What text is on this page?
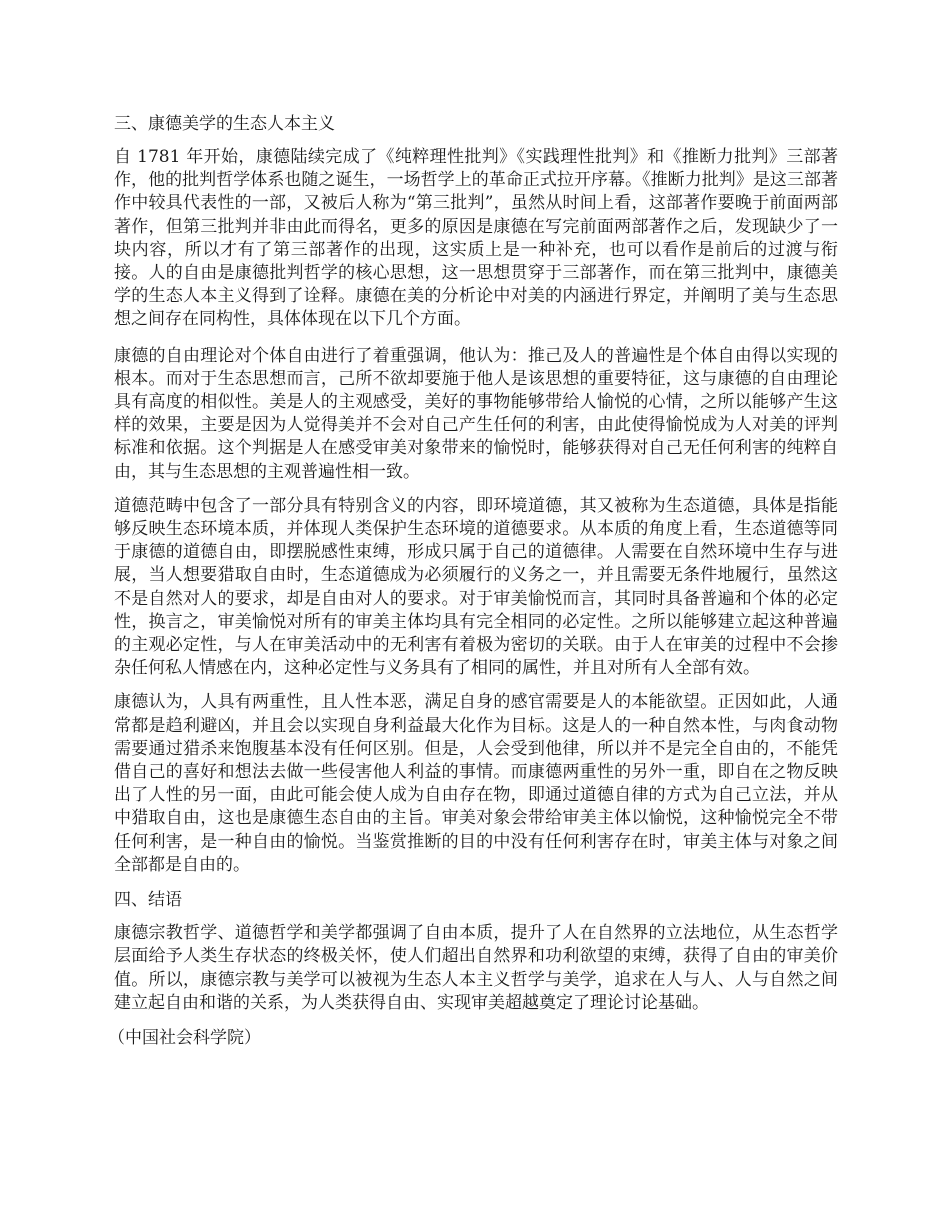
三、康德美学的生态人本主义

自 1781 年开始，康德陆续完成了《纯粹理性批判》《实践理性批判》和《推断力批判》三部著作，他的批判哲学体系也随之诞生，一场哲学上的革命正式拉开序幕。《推断力批判》是这三部著作中较具代表性的一部，又被后人称为“第三批判”，虽然从时间上看，这部著作要晚于前面两部著作，但第三批判并非由此而得名，更多的原因是康德在写完前面两部著作之后，发现缺少了一块内容，所以才有了第三部著作的出现，这实质上是一种补充，也可以看作是前后的过渡与衔接。人的自由是康德批判哲学的核心思想，这一思想贯穿于三部著作，而在第三批判中，康德美学的生态人本主义得到了诠释。康德在美的分析论中对美的内涵进行界定，并阐明了美与生态思想之间存在同构性，具体体现在以下几个方面。

康德的自由理论对个体自由进行了着重强调，他认为：推己及人的普遍性是个体自由得以实现的根本。而对于生态思想而言，己所不欲却要施于他人是该思想的重要特征，这与康德的自由理论具有高度的相似性。美是人的主观感受，美好的事物能够带给人愉悦的心情，之所以能够产生这样的效果，主要是因为人觉得美并不会对自己产生任何的利害，由此使得愉悦成为人对美的评判标准和依据。这个判据是人在感受审美对象带来的愉悦时，能够获得对自己无任何利害的纯粹自由，其与生态思想的主观普遍性相一致。

道德范畴中包含了一部分具有特别含义的内容，即环境道德，其又被称为生态道德，具体是指能够反映生态环境本质，并体现人类保护生态环境的道德要求。从本质的角度上看，生态道德等同于康德的道德自由，即摆脱感性束缚，形成只属于自己的道德律。人需要在自然环境中生存与进展，当人想要猎取自由时，生态道德成为必须履行的义务之一，并且需要无条件地履行，虽然这不是自然对人的要求，却是自由对人的要求。对于审美愉悦而言，其同时具备普遍和个体的必定性，换言之，审美愉悦对所有的审美主体均具有完全相同的必定性。之所以能够建立起这种普遍的主观必定性，与人在审美活动中的无利害有着极为密切的关联。由于人在审美的过程中不会掺杂任何私人情感在内，这种必定性与义务具有了相同的属性，并且对所有人全部有效。

康德认为，人具有两重性，且人性本恶，满足自身的感官需要是人的本能欲望。正因如此，人通常都是趋利避凶，并且会以实现自身利益最大化作为目标。这是人的一种自然本性，与肉食动物需要通过猎杀来饱腹基本没有任何区别。但是，人会受到他律，所以并不是完全自由的，不能凭借自己的喜好和想法去做一些侵害他人利益的事情。而康德两重性的另外一重，即自在之物反映出了人性的另一面，由此可能会使人成为自由存在物，即通过道德自律的方式为自己立法，并从中猎取自由，这也是康德生态自由的主旨。审美对象会带给审美主体以愉悦，这种愉悦完全不带任何利害，是一种自由的愉悦。当鉴赏推断的目的中没有任何利害存在时，审美主体与对象之间全部都是自由的。

四、结语

康德宗教哲学、道德哲学和美学都强调了自由本质，提升了人在自然界的立法地位，从生态哲学层面给予人类生存状态的终极关怀，使人们超出自然界和功利欲望的束缚，获得了自由的审美价值。所以，康德宗教与美学可以被视为生态人本主义哲学与美学，追求在人与人、人与自然之间建立起自由和谐的关系，为人类获得自由、实现审美超越奠定了理论讨论基础。

（中国社会科学院）
